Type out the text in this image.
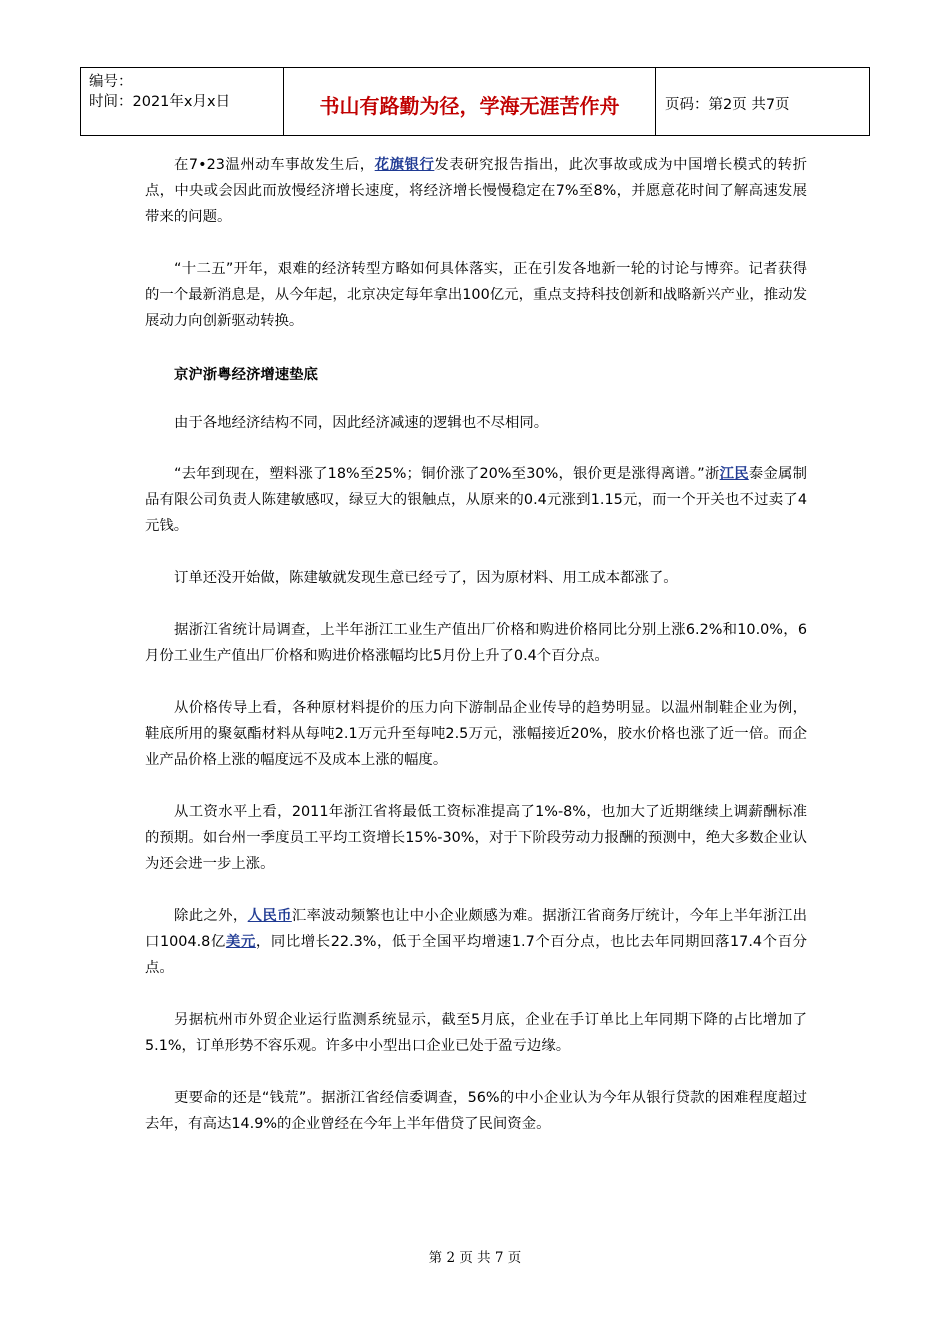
编号：
时间：2021年x月x日	书山有路勤为径，学海无涯苦作舟	页码：第2页 共7页

在7•23温州动车事故发生后，花旗银行发表研究报告指出，此次事故或成为中国增长模式的转折点，中央或会因此而放慢经济增长速度，将经济增长慢慢稳定在7%至8%，并愿意花时间了解高速发展带来的问题。

“十二五”开年，艰难的经济转型方略如何具体落实，正在引发各地新一轮的讨论与博弈。记者获得的一个最新消息是，从今年起，北京决定每年拿出100亿元，重点支持科技创新和战略新兴产业，推动发展动力向创新驱动转换。

京沪浙粤经济增速垫底

由于各地经济结构不同，因此经济减速的逻辑也不尽相同。

“去年到现在，塑料涨了18%至25%；铜价涨了20%至30%，银价更是涨得离谱。”浙江民泰金属制品有限公司负责人陈建敏感叹，绿豆大的银触点，从原来的0.4元涨到1.15元，而一个开关也不过卖了4元钱。

订单还没开始做，陈建敏就发现生意已经亏了，因为原材料、用工成本都涨了。

据浙江省统计局调查，上半年浙江工业生产值出厂价格和购进价格同比分别上涨6.2%和10.0%，6月份工业生产值出厂价格和购进价格涨幅均比5月份上升了0.4个百分点。

从价格传导上看，各种原材料提价的压力向下游制品企业传导的趋势明显。以温州制鞋企业为例，鞋底所用的聚氨酯材料从每吨2.1万元升至每吨2.5万元，涨幅接近20%，胶水价格也涨了近一倍。而企业产品价格上涨的幅度远不及成本上涨的幅度。

从工资水平上看，2011年浙江省将最低工资标准提高了1%-8%，也加大了近期继续上调薪酬标准的预期。如台州一季度员工平均工资增长15%-30%，对于下阶段劳动力报酬的预测中，绝大多数企业认为还会进一步上涨。

除此之外，人民币汇率波动频繁也让中小企业颇感为难。据浙江省商务厅统计，今年上半年浙江出口1004.8亿美元，同比增长22.3%，低于全国平均增速1.7个百分点，也比去年同期回落17.4个百分点。

另据杭州市外贸企业运行监测系统显示，截至5月底，企业在手订单比上年同期下降的占比增加了5.1%，订单形势不容乐观。许多中小型出口企业已处于盈亏边缘。

更要命的还是“钱荒”。据浙江省经信委调查，56%的中小企业认为今年从银行贷款的困难程度超过去年，有高达14.9%的企业曾经在今年上半年借贷了民间资金。

第 2 页 共 7 页
